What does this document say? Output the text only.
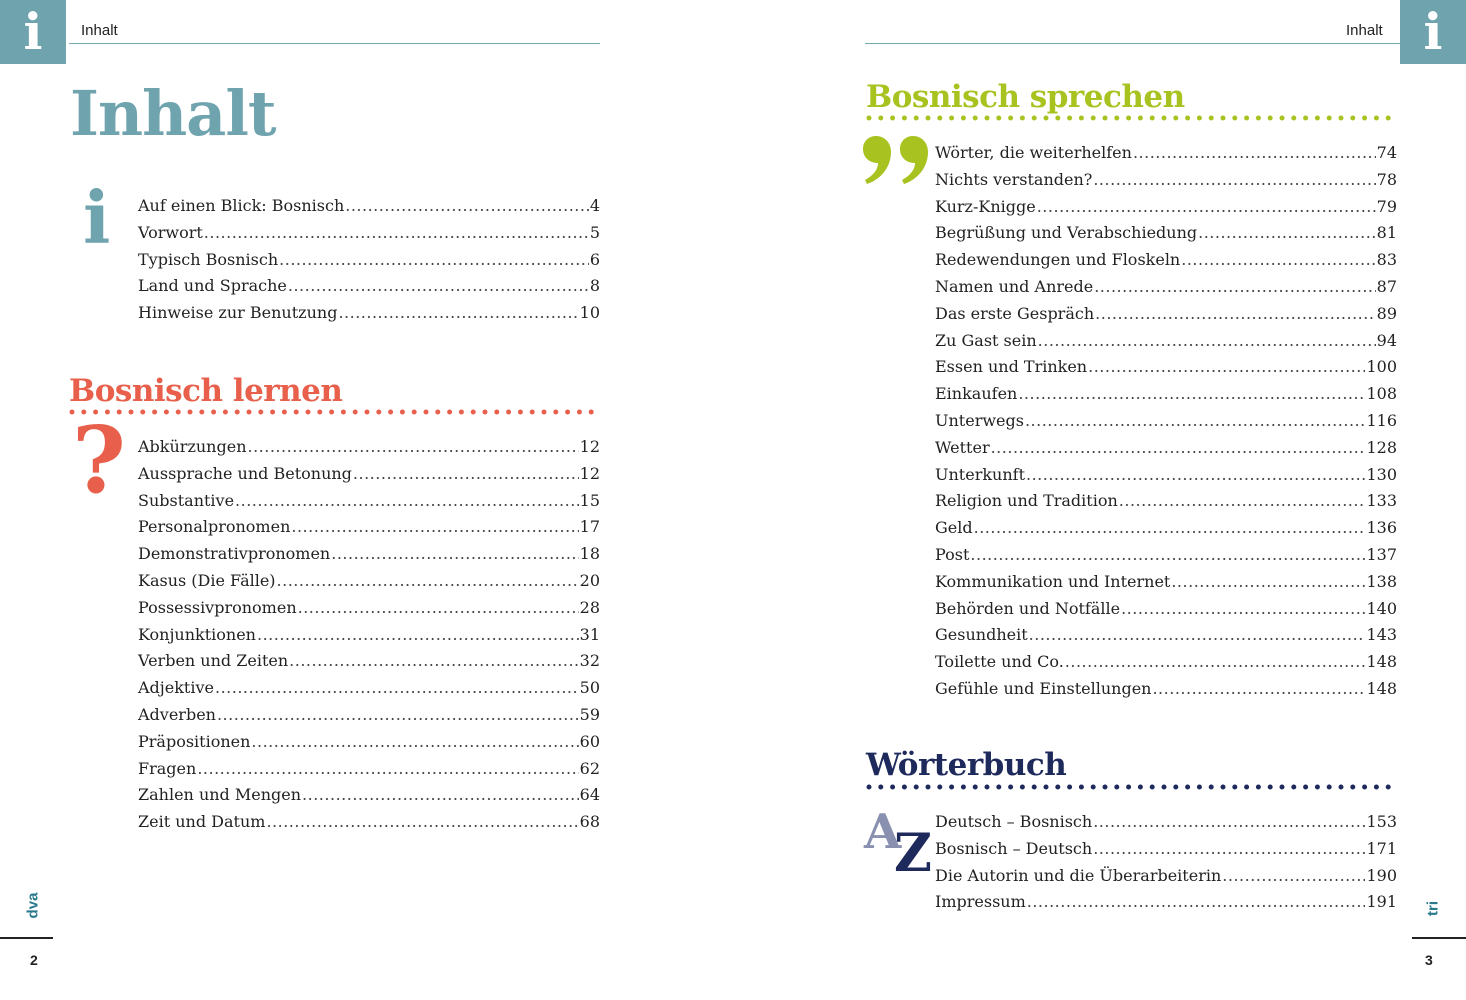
i	Inhalt
Inhalt
i Auf einen Blick: Bosnisch .....	4
Vorwort .....	5
Typisch Bosnisch .....	6
Land und Sprache .....	8
Hinweise zur Benutzung .....	10
Bosnisch lernen
? Abkürzungen .....	12
Aussprache und Betonung .....	12
Substantive .....	15
Personalpronomen .....	17
Demonstrativpronomen .....	18
Kasus (Die Fälle) .....	20
Possessivpronomen .....	28
Konjunktionen .....	31
Verben und Zeiten .....	32
Adjektive .....	50
Adverben .....	59
Präpositionen .....	60
Fragen .....	62
Zahlen und Mengen .....	64
Zeit und Datum .....	68
dva
2
i
Inhalt
Bosnisch sprechen
Wörter, die weiterhelfen .....	74
Nichts verstanden? .....	78
Kurz-Knigge .....	79
Begrüßung und Verabschiedung .....	81
Redewendungen und Floskeln .....	83
Namen und Anrede .....	87
Das erste Gespräch .....	89
Zu Gast sein .....	94
Essen und Trinken .....	100
Einkaufen .....	108
Unterwegs .....	116
Wetter .....	128
Unterkunft .....	130
Religion und Tradition .....	133
Geld .....	136
Post .....	137
Kommunikation und Internet .....	138
Behörden und Notfälle .....	140
Gesundheit .....	143
Toilette und Co. .....	148
Gefühle und Einstellungen .....	148
Wörterbuch
A
Z
Deutsch – Bosnisch .....	153
Bosnisch – Deutsch .....	171
Die Autorin und die Überarbeiterin .....	190
Impressum .....	191 tri
3
